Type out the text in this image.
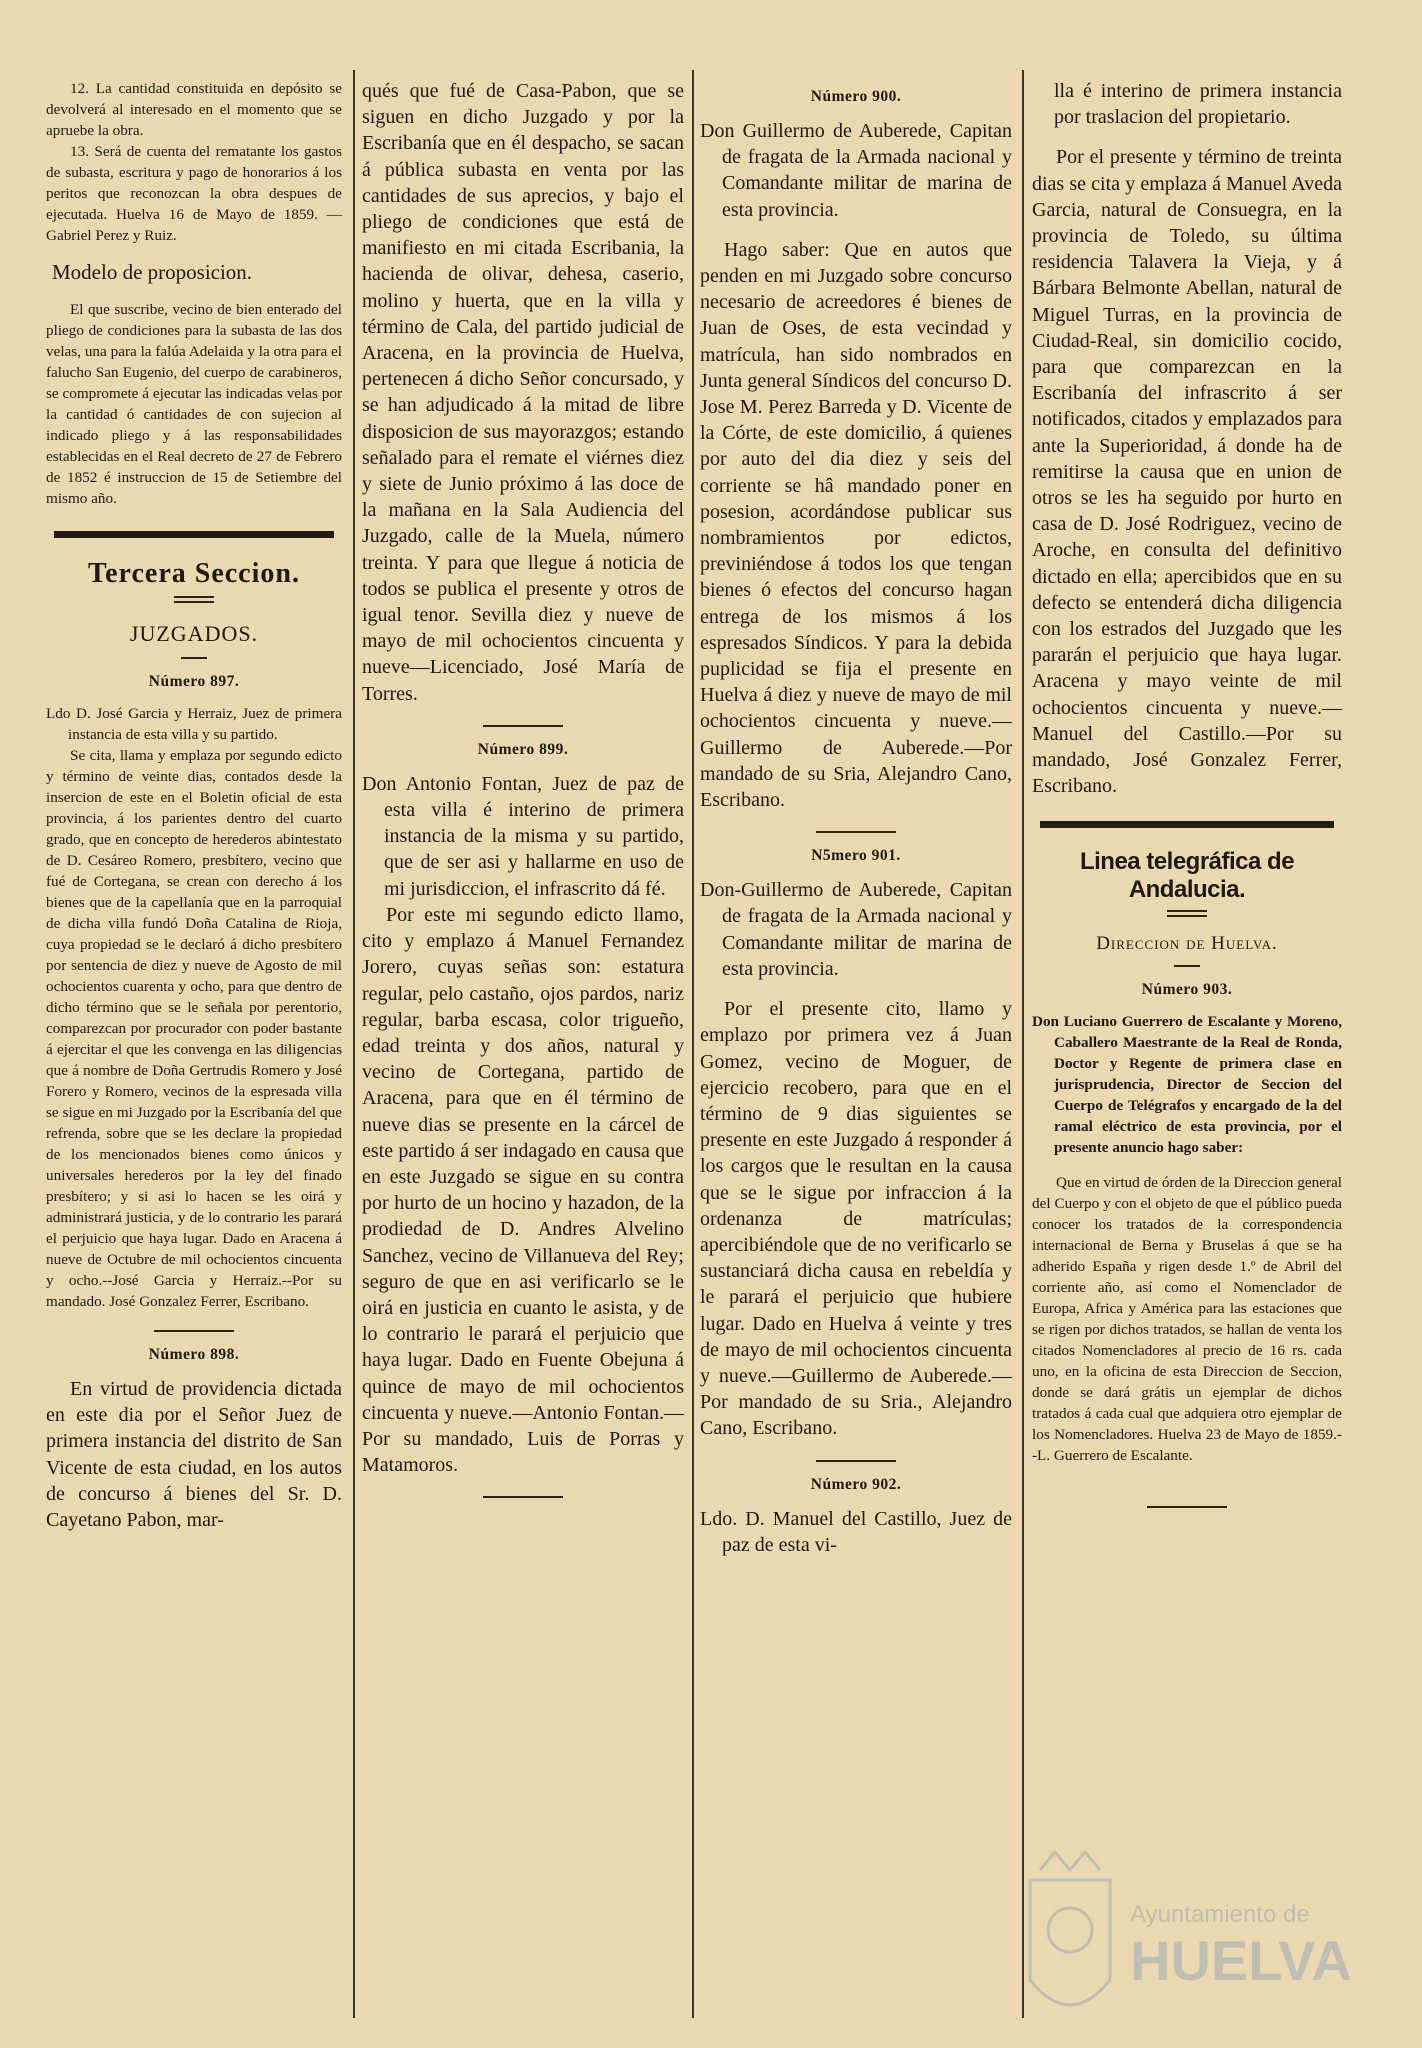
12. La cantidad constituida en depósito se devolverá al interesado en el momento que se apruebe la obra.

13. Será de cuenta del rematante los gastos de subasta, escritura y pago de honorarios á los peritos que reconozcan la obra despues de ejecutada. Huelva 16 de Mayo de 1859. —Gabriel Perez y Ruiz.

Modelo de proposicion.

El que suscribe, vecino de bien enterado del pliego de condiciones para la subasta de las dos velas, una para la falúa Adelaida y la otra para el falucho San Eugenio, del cuerpo de carabineros, se compromete á ejecutar las indicadas velas por la cantidad ó cantidades de con sujecion al indicado pliego y á las responsabilidades establecidas en el Real decreto de 27 de Febrero de 1852 é instruccion de 15 de Setiembre del mismo año.

Tercera Seccion.
JUZGADOS.
Número 897.

Ldo D. José Garcia y Herraiz, Juez de primera instancia de esta villa y su partido.

Se cita, llama y emplaza por segundo edicto y término de veinte dias, contados desde la insercion de este en el Boletin oficial de esta provincia, á los parientes dentro del cuarto grado, que en concepto de herederos abintestato de D. Cesáreo Romero, presbítero, vecino que fué de Cortegana, se crean con derecho á los bienes que de la capellanía que en la parroquial de dicha villa fundó Doña Catalina de Rioja, cuya propiedad se le declaró á dicho presbítero por sentencia de diez y nueve de Agosto de mil ochocientos cuarenta y ocho, para que dentro de dicho término que se le señala por perentorio, comparezcan por procurador con poder bastante á ejercitar el que les convenga en las diligencias que á nombre de Doña Gertrudis Romero y José Forero y Romero, vecinos de la espresada villa se sigue en mi Juzgado por la Escribanía del que refrenda, sobre que se les declare la propiedad de los mencionados bienes como únicos y universales herederos por la ley del finado presbítero; y si asi lo hacen se les oirá y administrará justicia, y de lo contrario les parará el perjuicio que haya lugar. Dado en Aracena á nueve de Octubre de mil ochocientos cincuenta y ocho.--José Garcia y Herraiz.--Por su mandado. José Gonzalez Ferrer, Escribano.

Número 898.

En virtud de providencia dictada en este dia por el Señor Juez de primera instancia del distrito de San Vicente de esta ciudad, en los autos de concurso á bienes del Sr. D. Cayetano Pabon, mar-

qués que fué de Casa-Pabon, que se siguen en dicho Juzgado y por la Escribanía que en él despacho, se sacan á pública subasta en venta por las cantidades de sus aprecios, y bajo el pliego de condiciones que está de manifiesto en mi citada Escribania, la hacienda de olivar, dehesa, caserio, molino y huerta, que en la villa y término de Cala, del partido judicial de Aracena, en la provincia de Huelva, pertenecen á dicho Señor concursado, y se han adjudicado á la mitad de libre disposicion de sus mayorazgos; estando señalado para el remate el viérnes diez y siete de Junio próximo á las doce de la mañana en la Sala Audiencia del Juzgado, calle de la Muela, número treinta. Y para que llegue á noticia de todos se publica el presente y otros de igual tenor. Sevilla diez y nueve de mayo de mil ochocientos cincuenta y nueve—Licenciado, José María de Torres.

Número 899.

Don Antonio Fontan, Juez de paz de esta villa é interino de primera instancia de la misma y su partido, que de ser asi y hallarme en uso de mi jurisdiccion, el infrascrito dá fé.

Por este mi segundo edicto llamo, cito y emplazo á Manuel Fernandez Jorero, cuyas señas son: estatura regular, pelo castaño, ojos pardos, nariz regular, barba escasa, color trigueño, edad treinta y dos años, natural y vecino de Cortegana, partido de Aracena, para que en él término de nueve dias se presente en la cárcel de este partido á ser indagado en causa que en este Juzgado se sigue en su contra por hurto de un hocino y hazadon, de la prodiedad de D. Andres Alvelino Sanchez, vecino de Villanueva del Rey; seguro de que en asi verificarlo se le oirá en justicia en cuanto le asista, y de lo contrario le parará el perjuicio que haya lugar. Dado en Fuente Obejuna á quince de mayo de mil ochocientos cincuenta y nueve.—Antonio Fontan.—Por su mandado, Luis de Porras y Matamoros.

Número 900.

Don Guillermo de Auberede, Capitan de fragata de la Armada nacional y Comandante militar de marina de esta provincia.

Hago saber: Que en autos que penden en mi Juzgado sobre concurso necesario de acreedores é bienes de Juan de Oses, de esta vecindad y matrícula, han sido nombrados en Junta general Síndicos del concurso D. Jose M. Perez Barreda y D. Vicente de la Córte, de este domicilio, á quienes por auto del dia diez y seis del corriente se hâ mandado poner en posesion, acordándose publicar sus nombramientos por edictos, previniéndose á todos los que tengan bienes ó efectos del concurso hagan entrega de los mismos á los espresados Síndicos. Y para la debida puplicidad se fija el presente en Huelva á diez y nueve de mayo de mil ochocientos cincuenta y nueve.—Guillermo de Auberede.—Por mandado de su Sria, Alejandro Cano, Escribano.

N5mero 901.

Don-Guillermo de Auberede, Capitan de fragata de la Armada nacional y Comandante militar de marina de esta provincia.

Por el presente cito, llamo y emplazo por primera vez á Juan Gomez, vecino de Moguer, de ejercicio recobero, para que en el término de 9 dias siguientes se presente en este Juzgado á responder á los cargos que le resultan en la causa que se le sigue por infraccion á la ordenanza de matrículas; apercibiéndole que de no verificarlo se sustanciará dicha causa en rebeldía y le parará el perjuicio que hubiere lugar. Dado en Huelva á veinte y tres de mayo de mil ochocientos cincuenta y nueve.—Guillermo de Auberede.—Por mandado de su Sria., Alejandro Cano, Escribano.

Número 902.

Ldo. D. Manuel del Castillo, Juez de paz de esta vi-

lla é interino de primera instancia por traslacion del propietario.

Por el presente y término de treinta dias se cita y emplaza á Manuel Aveda Garcia, natural de Consuegra, en la provincia de Toledo, su última residencia Talavera la Vieja, y á Bárbara Belmonte Abellan, natural de Miguel Turras, en la provincia de Ciudad-Real, sin domicilio cocido, para que comparezcan en la Escribanía del infrascrito á ser notificados, citados y emplazados para ante la Superioridad, á donde ha de remitirse la causa que en union de otros se les ha seguido por hurto en casa de D. José Rodriguez, vecino de Aroche, en consulta del definitivo dictado en ella; apercibidos que en su defecto se entenderá dicha diligencia con los estrados del Juzgado que les pararán el perjuicio que haya lugar. Aracena y mayo veinte de mil ochocientos cincuenta y nueve.—Manuel del Castillo.—Por su mandado, José Gonzalez Ferrer, Escribano.

Linea telegráfica de Andalucia.
Direccion de Huelva.
Número 903.

Don Luciano Guerrero de Escalante y Moreno, Caballero Maestrante de la Real de Ronda, Doctor y Regente de primera clase en jurisprudencia, Director de Seccion del Cuerpo de Telégrafos y encargado de la del ramal eléctrico de esta provincia, por el presente anuncio hago saber:

Que en virtud de órden de la Direccion general del Cuerpo y con el objeto de que el público pueda conocer los tratados de la correspondencia internacional de Berna y Bruselas á que se ha adherido España y rigen desde 1.º de Abril del corriente año, así como el Nomenclador de Europa, Africa y América para las estaciones que se rigen por dichos tratados, se hallan de venta los citados Nomencladores al precio de 16 rs. cada uno, en la oficina de esta Direccion de Seccion, donde se dará grátis un ejemplar de dichos tratados á cada cual que adquiera otro ejemplar de los Nomencladores. Huelva 23 de Mayo de 1859.--L. Guerrero de Escalante.

Ayuntamiento de
HUELVA
